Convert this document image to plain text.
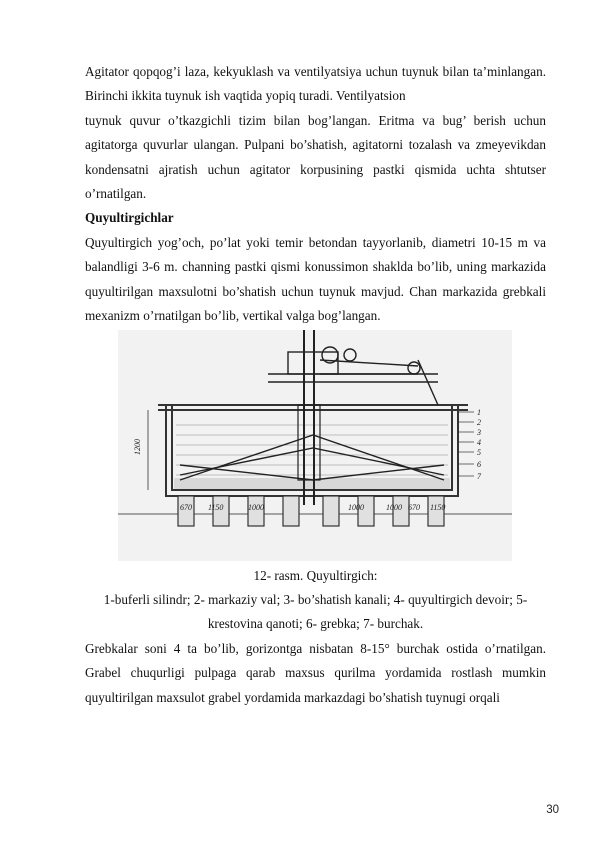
Agitator qopqog’i laza, kekyuklash va ventilyatsiya uchun tuynuk bilan ta’minlangan. Birinchi ikkita tuynuk ish vaqtida yopiq turadi. Ventilyatsion

tuynuk quvur o’tkazgichli tizim bilan bog’langan. Eritma va bug’ berish uchun agitatorga quvurlar ulangan. Pulpani bo’shatish, agitatorni tozalash va zmeyevikdan kondensatni ajratish uchun agitator korpusining pastki qismida uchta shtutser o’rnatilgan.

Quyultirgichlar

Quyultirgich yog’och, po’lat yoki temir betondan tayyorlanib, diametri 10-15 m va balandligi 3-6 m. channing pastki qismi konussimon shaklda bo’lib, uning markazida quyultirilgan maxsulotni bo’shatish uchun tuynuk mavjud. Chan markazida grebkali mexanizm o’rnatilgan bo’lib, vertikal valga bog’langan.

1
2
3
4
5
6
7
1200
670 1150	1000	1000	1000 670 1150
12- rasm. Quyultirgich:
1-buferli silindr; 2- markaziy val; 3- bo’shatish kanali; 4- quyultirgich devoir; 5- krestovina qanoti; 6- grebka; 7- burchak.

Grebkalar soni 4 ta bo’lib, gorizontga nisbatan 8-15° burchak ostida o’rnatilgan. Grabel chuqurligi pulpaga qarab maxsus qurilma yordamida rostlash mumkin quyultirilgan maxsulot grabel yordamida markazdagi bo’shatish tuynugi orqali

30
